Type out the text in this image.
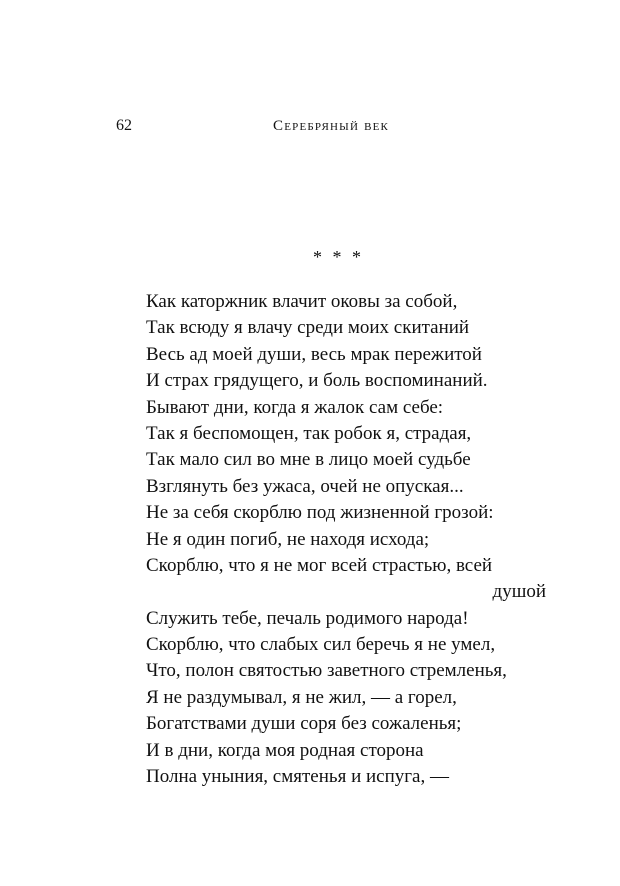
62	Серебряный век
* * *
Как каторжник влачит оковы за собой,
Так всюду я влачу среди моих скитаний
Весь ад моей души, весь мрак пережитой
И страх грядущего, и боль воспоминаний.
Бывают дни, когда я жалок сам себе:
Так я беспомощен, так робок я, страдая,
Так мало сил во мне в лицо моей судьбе
Взглянуть без ужаса, очей не опуская...
Не за себя скорблю под жизненной грозой:
Не я один погиб, не находя исхода;
Скорблю, что я не мог всей страстью, всей
душой
Служить тебе, печаль родимого народа!
Скорблю, что слабых сил беречь я не умел,
Что, полон святостью заветного стремленья,
Я не раздумывал, я не жил, — а горел,
Богатствами души соря без сожаленья;
И в дни, когда моя родная сторона
Полна уныния, смятенья и испуга, —
